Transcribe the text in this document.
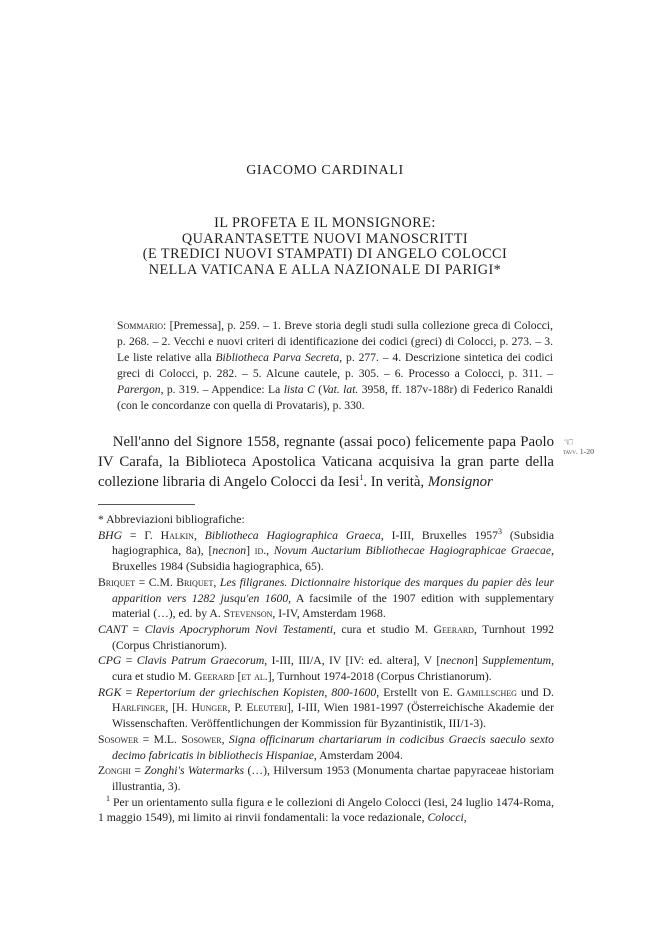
GIACOMO CARDINALI
IL PROFETA E IL MONSIGNORE:
QUARANTASETTE NUOVI MANOSCRITTI
(E TREDICI NUOVI STAMPATI) DI ANGELO COLOCCI
NELLA VATICANA E ALLA NAZIONALE DI PARIGI*
Sommario: [Premessa], p. 259. – 1. Breve storia degli studi sulla collezione greca di Colocci, p. 268. – 2. Vecchi e nuovi criteri di identificazione dei codici (greci) di Colocci, p. 273. – 3. Le liste relative alla Bibliotheca Parva Secreta, p. 277. – 4. Descrizione sintetica dei codici greci di Colocci, p. 282. – 5. Alcune cautele, p. 305. – 6. Processo a Colocci, p. 311. – Parergon, p. 319. – Appendice: La lista C (Vat. lat. 3958, ff. 187v-188r) di Federico Ranaldi (con le concordanze con quella di Provataris), p. 330.
 Nell'anno del Signore 1558, regnante (assai poco) felicemente papa Paolo IV Carafa, la Biblioteca Apostolica Vaticana acquisiva la gran parte della collezione libraria di Angelo Colocci da Iesi$^1$. In verità, Monsignor
☜
tavv. 1-20

* Abbreviazioni bibliografiche:

BHG = Г. Halkin, Bibliotheca Hagiographica Graeca, I-III, Bruxelles 1957$^3$ (Subsidia hagiographica, 8a), [necnon] id., Novum Auctarium Bibliothecae Hagiographicae Graecae, Bruxelles 1984 (Subsidia hagiographica, 65).

Briquet = C.M. Briquet, Les filigranes. Dictionnaire historique des marques du papier dès leur apparition vers 1282 jusqu'en 1600, A facsimile of the 1907 edition with supplementary material (…), ed. by A. Stevenson, I-IV, Amsterdam 1968.

CANT = Clavis Apocryphorum Novi Testamenti, cura et studio M. Geerard, Turnhout 1992 (Corpus Christianorum).

CPG = Clavis Patrum Graecorum, I-III, III/A, IV [IV: ed. altera], V [necnon] Supplementum, cura et studio M. Geerard [et al.], Turnhout 1974-2018 (Corpus Christianorum).

RGK = Repertorium der griechischen Kopisten, 800-1600, Erstellt von E. Gamillscheg und D. Harlfinger, [H. Hunger, P. Eleuteri], I-III, Wien 1981-1997 (Österreichische Akademie der Wissenschaften. Veröffentlichungen der Kommission für Byzantinistik, III/1-3).

Sosower = M.L. Sosower, Signa officinarum chartariarum in codicibus Graecis saeculo sexto decimo fabricatis in bibliothecis Hispaniae, Amsterdam 2004.

Zonghi = Zonghi's Watermarks (…), Hilversum 1953 (Monumenta chartae papyraceae historiam illustrantia, 3).

$^1$ Per un orientamento sulla figura e le collezioni di Angelo Colocci (Iesi, 24 luglio 1474-Roma, 1 maggio 1549), mi limito ai rinvii fondamentali: la voce redazionale, Colocci,
